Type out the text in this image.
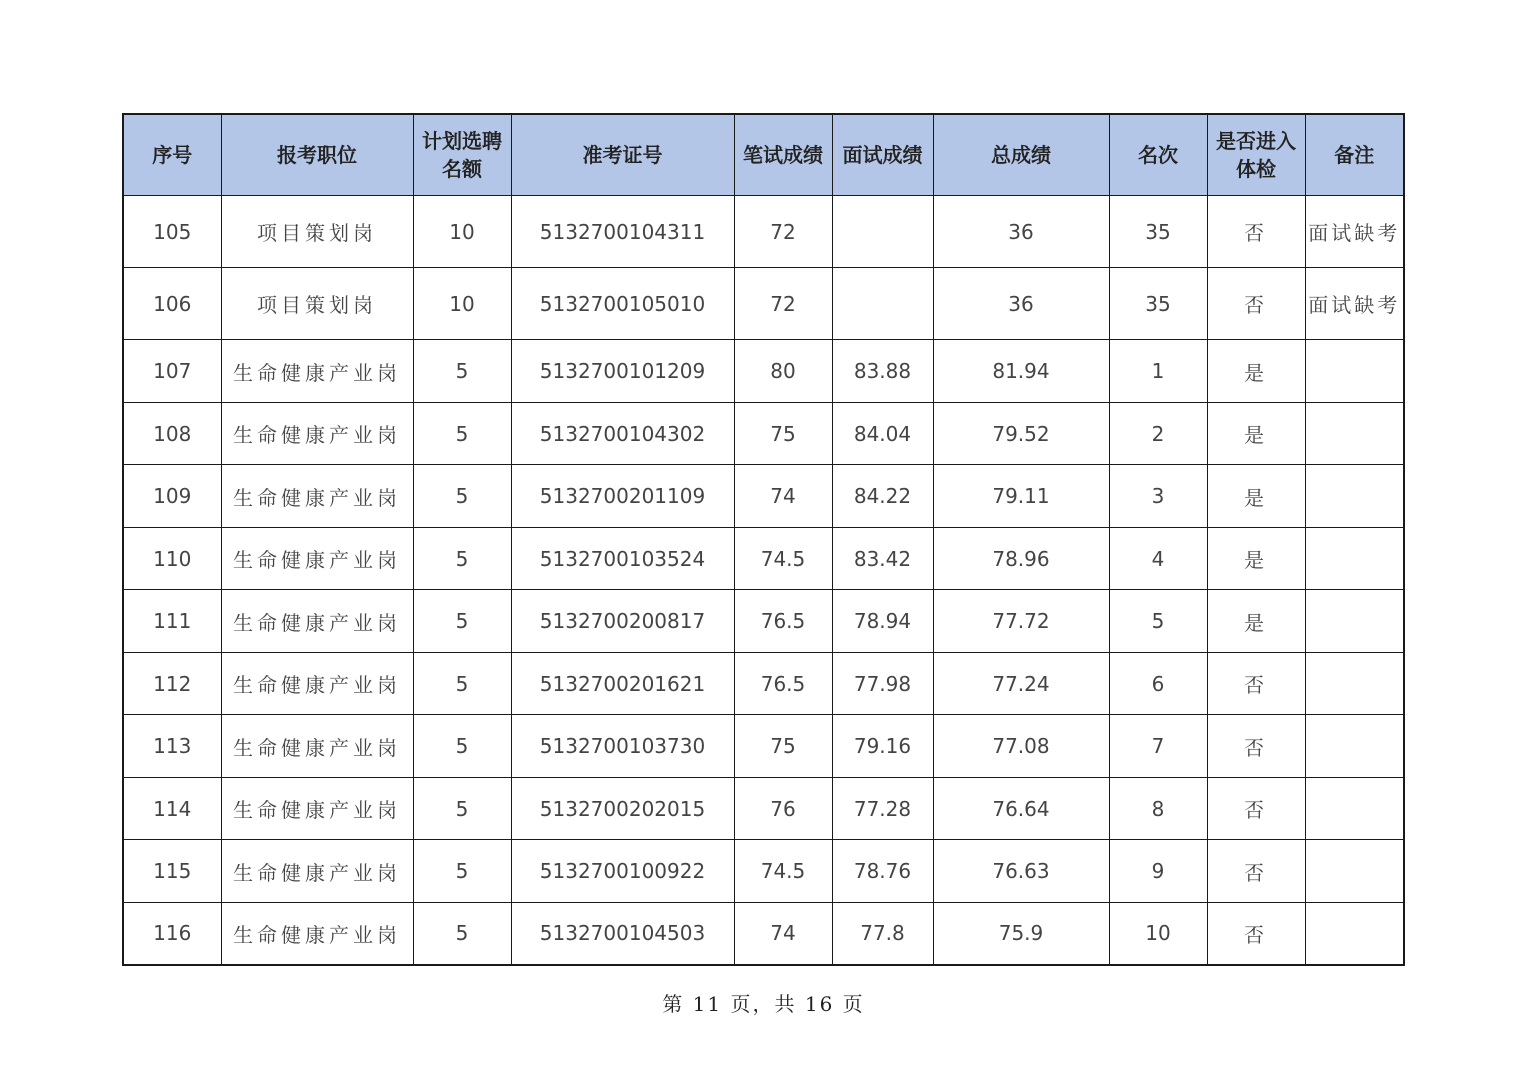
序号	报考职位	计划选聘名额	准考证号	笔试成绩	面试成绩	总成绩	名次	是否进入体检	备注
105	项目策划岗	10	5132700104311	72		36	35	否	面试缺考
106	项目策划岗	10	5132700105010	72		36	35	否	面试缺考
107	生命健康产业岗	5	5132700101209	80	83.88	81.94	1	是	
108	生命健康产业岗	5	5132700104302	75	84.04	79.52	2	是	
109	生命健康产业岗	5	5132700201109	74	84.22	79.11	3	是	
110	生命健康产业岗	5	5132700103524	74.5	83.42	78.96	4	是	
111	生命健康产业岗	5	5132700200817	76.5	78.94	77.72	5	是	
112	生命健康产业岗	5	5132700201621	76.5	77.98	77.24	6	否	
113	生命健康产业岗	5	5132700103730	75	79.16	77.08	7	否	
114	生命健康产业岗	5	5132700202015	76	77.28	76.64	8	否	
115	生命健康产业岗	5	5132700100922	74.5	78.76	76.63	9	否	
116	生命健康产业岗	5	5132700104503	74	77.8	75.9	10	否	
第 11 页，共 16 页
